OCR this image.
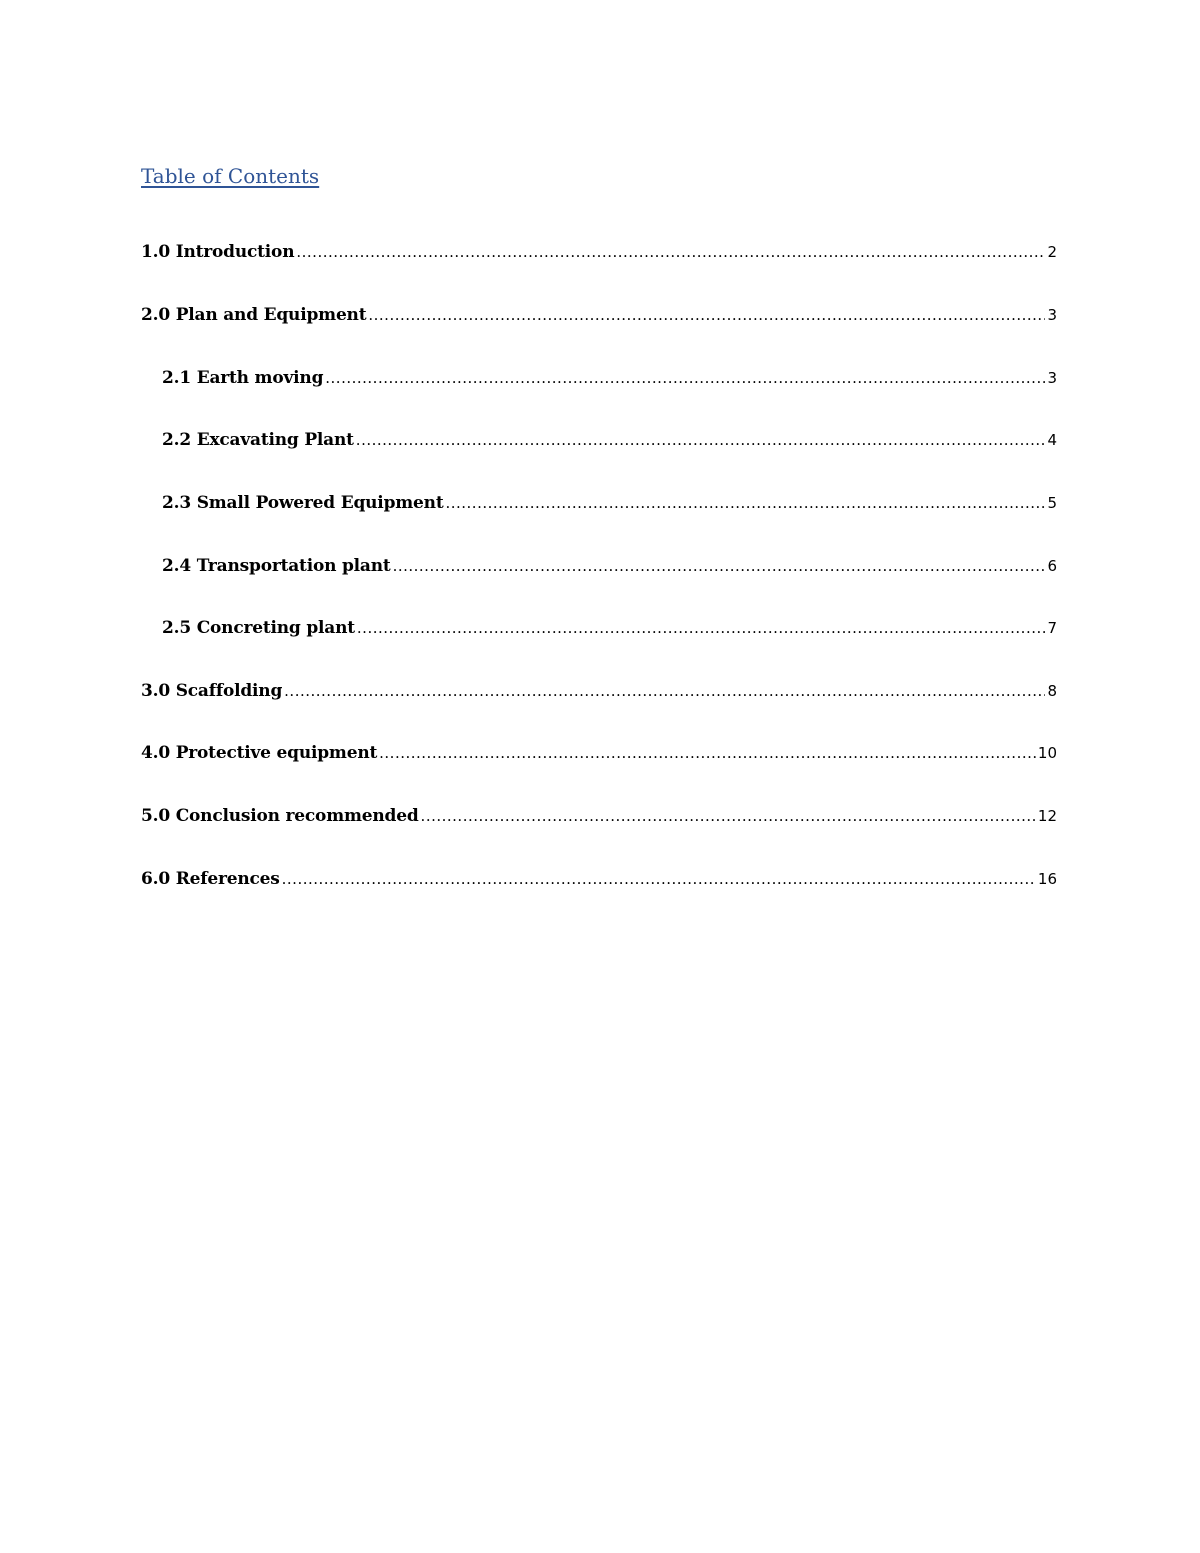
Table of Contents
1.0 Introduction .....	2
2.0 Plan and Equipment .....	3
2.1 Earth moving .....	3
2.2 Excavating Plant .....	4
2.3 Small Powered Equipment .....	5
2.4 Transportation plant .....	6
2.5 Concreting plant .....	7
3.0 Scaffolding .....	8
4.0 Protective equipment .....	10
5.0 Conclusion recommended .....	12
6.0 References .....	16
